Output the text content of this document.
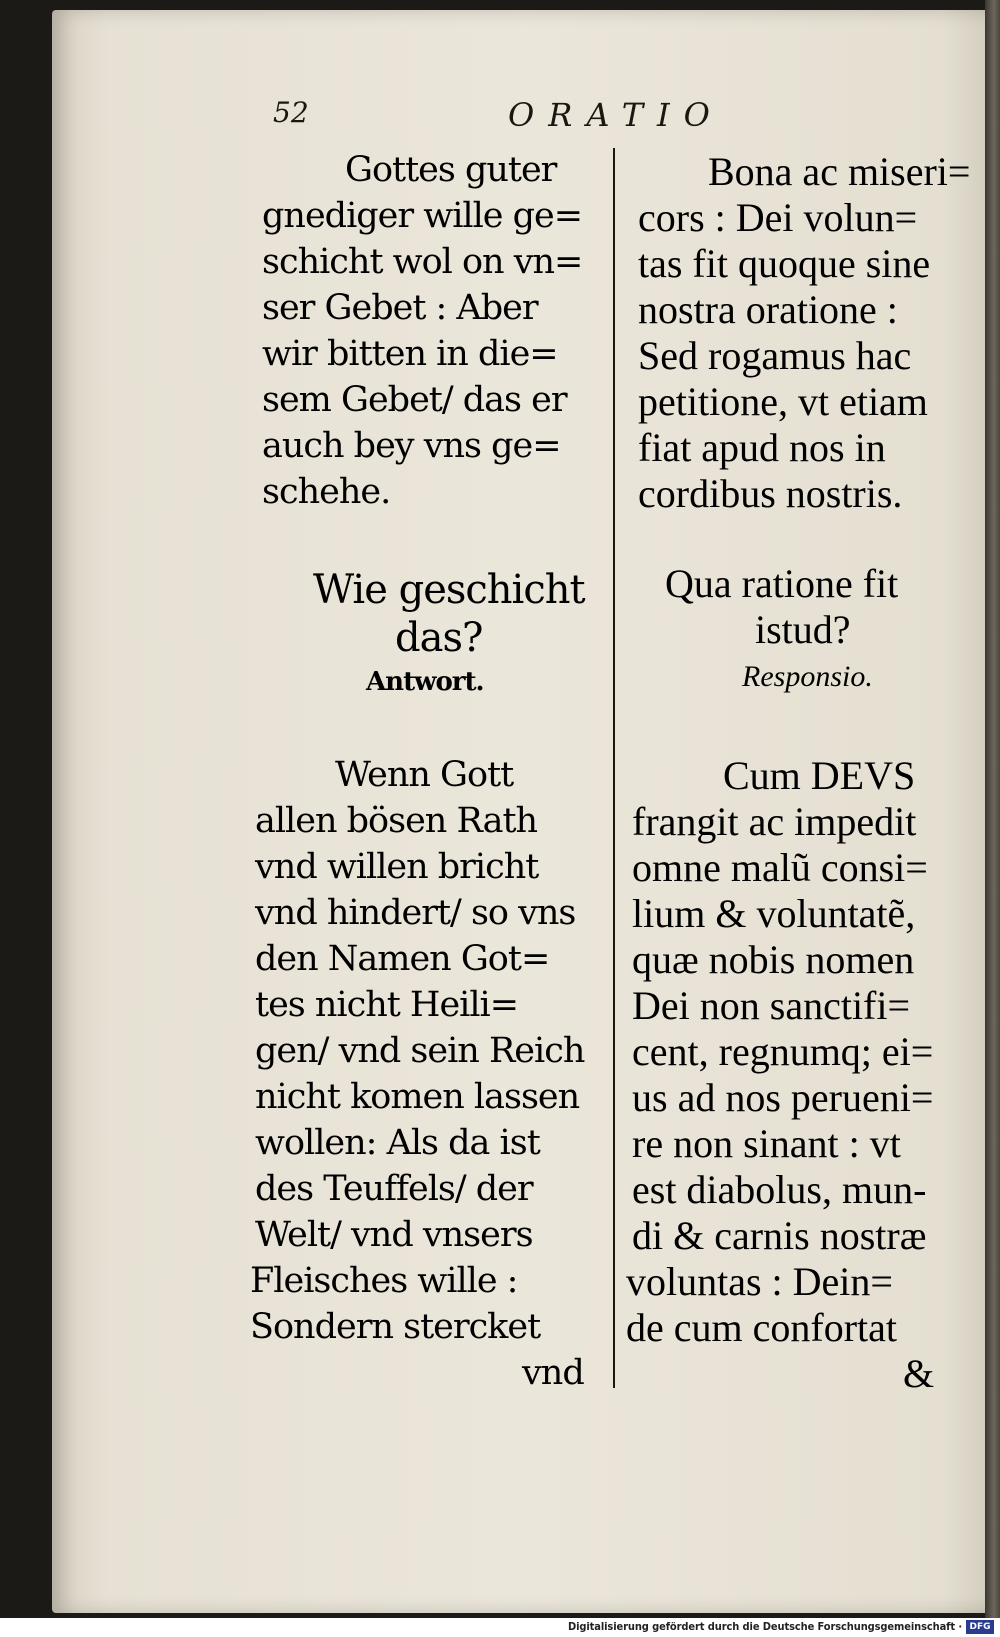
52	ORATIO
Gottes guter
gnediger wille ge=
schicht wol on vn=
ser Gebet : Aber
wir bitten in die=
sem Gebet/ das er
auch bey vns ge=
schehe.
Wie geschicht
das?
Antwort.
Wenn Gott
allen bösen Rath
vnd willen bricht
vnd hindert/ so vns
den Namen Got=
tes nicht Heili=
gen/ vnd sein Reich
nicht komen lassen
wollen: Als da ist
des Teuffels/ der
Welt/ vnd vnsers
Fleisches wille :
Sondern stercket
vnd
Bona ac miseri=
cors : Dei volun=
tas fit quoque sine
nostra oratione :
Sed rogamus hac
petitione, vt etiam
fiat apud nos in
cordibus nostris.
Qua ratione fit
istud?
Responsio.
Cum DEVS
frangit ac impedit
omne malũ consi=
lium & voluntatẽ,
quæ nobis nomen
Dei non sanctifi=
cent, regnumq; ei=
us ad nos perueni=
re non sinant : vt
est diabolus, mun-
di & carnis nostræ
voluntas : Dein=
de cum confortat
&
Digitalisierung gefördert durch die Deutsche Forschungsgemeinschaft · DFG
